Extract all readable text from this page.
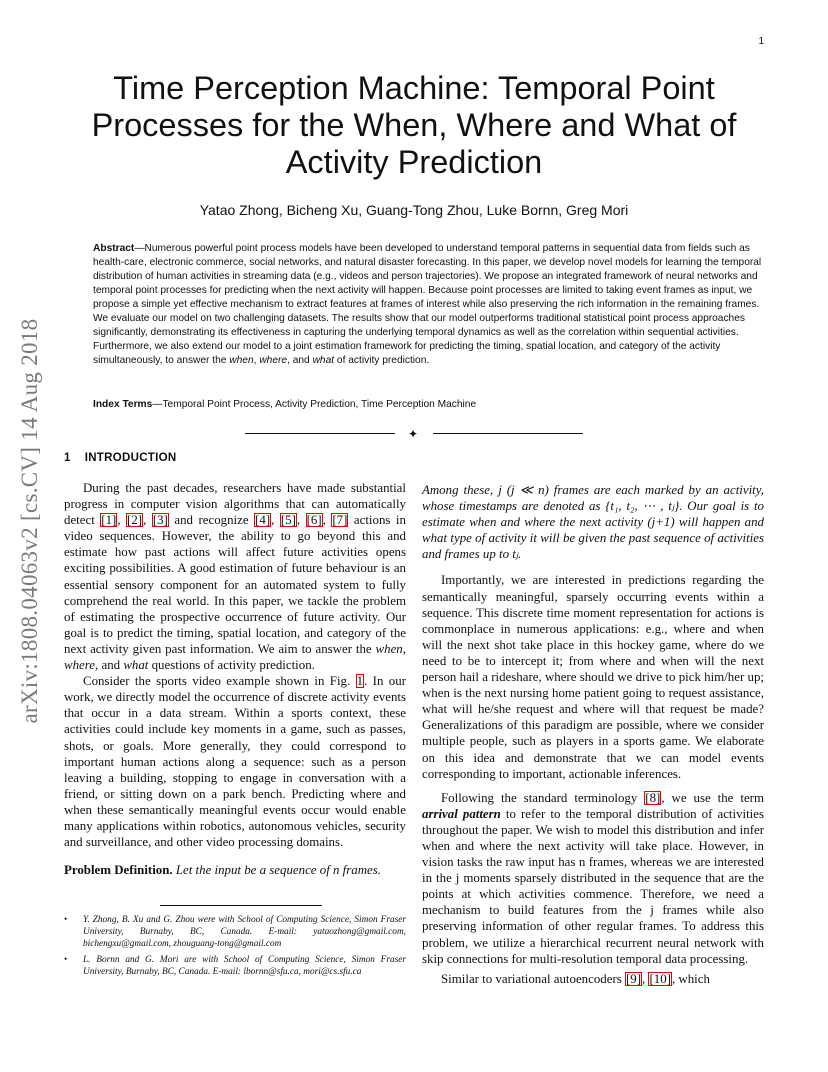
1
arXiv:1808.04063v2 [cs.CV] 14 Aug 2018
Time Perception Machine: Temporal Point Processes for the When, Where and What of Activity Prediction
Yatao Zhong, Bicheng Xu, Guang-Tong Zhou, Luke Bornn, Greg Mori
Abstract—Numerous powerful point process models have been developed to understand temporal patterns in sequential data from fields such as health-care, electronic commerce, social networks, and natural disaster forecasting. In this paper, we develop novel models for learning the temporal distribution of human activities in streaming data (e.g., videos and person trajectories). We propose an integrated framework of neural networks and temporal point processes for predicting when the next activity will happen. Because point processes are limited to taking event frames as input, we propose a simple yet effective mechanism to extract features at frames of interest while also preserving the rich information in the remaining frames. We evaluate our model on two challenging datasets. The results show that our model outperforms traditional statistical point process approaches significantly, demonstrating its effectiveness in capturing the underlying temporal dynamics as well as the correlation within sequential activities. Furthermore, we also extend our model to a joint estimation framework for predicting the timing, spatial location, and category of the activity simultaneously, to answer the when, where, and what of activity prediction.
Index Terms—Temporal Point Process, Activity Prediction, Time Perception Machine
✦
1 INTRODUCTION

During the past decades, researchers have made substantial progress in computer vision algorithms that can automatically detect [1], [2], [3] and recognize [4], [5], [6], [7] actions in video sequences. However, the ability to go beyond this and estimate how past actions will affect future activities opens exciting possibilities. A good estimation of future behaviour is an essential sensory component for an automated system to fully comprehend the real world. In this paper, we tackle the problem of estimating the prospective occurrence of future activity. Our goal is to predict the timing, spatial location, and category of the next activity given past information. We aim to answer the when, where, and what questions of activity prediction.

Consider the sports video example shown in Fig. 1. In our work, we directly model the occurrence of discrete activity events that occur in a data stream. Within a sports context, these activities could include key moments in a game, such as passes, shots, or goals. More generally, they could correspond to important human actions along a sequence: such as a person leaving a building, stopping to engage in conversation with a friend, or sitting down on a park bench. Predicting where and when these semantically meaningful events occur would enable many applications within robotics, autonomous vehicles, security and surveillance, and other video processing domains.

Problem Definition. Let the input be a sequence of n frames.

• Y. Zhong, B. Xu and G. Zhou were with School of Computing Science, Simon Fraser University, Burnaby, BC, Canada. E-mail: yataozhong@gmail.com, bichengxu@gmail.com, zhouguang-tong@gmail.com
• L. Bornn and G. Mori are with School of Computing Science, Simon Fraser University, Burnaby, BC, Canada. E-mail: lbornn@sfu.ca, mori@cs.sfu.ca

Among these, j (j ≪ n) frames are each marked by an activity, whose timestamps are denoted as {t₁, t₂, ⋯ , tⱼ}. Our goal is to estimate when and where the next activity (j+1) will happen and what type of activity it will be given the past sequence of activities and frames up to tⱼ.

Importantly, we are interested in predictions regarding the semantically meaningful, sparsely occurring events within a sequence. This discrete time moment representation for actions is commonplace in numerous applications: e.g., where and when will the next shot take place in this hockey game, where do we need to be to intercept it; from where and when will the next person hail a rideshare, where should we drive to pick him/her up; when is the next nursing home patient going to request assistance, what will he/she request and where will that request be made? Generalizations of this paradigm are possible, where we consider multiple people, such as players in a sports game. We elaborate on this idea and demonstrate that we can model events corresponding to important, actionable inferences.

Following the standard terminology [8], we use the term arrival pattern to refer to the temporal distribution of activities throughout the paper. We wish to model this distribution and infer when and where the next activity will take place. However, in vision tasks the raw input has n frames, whereas we are interested in the j moments sparsely distributed in the sequence that are the points at which activities commence. Therefore, we need a mechanism to build features from the j frames while also preserving information of other regular frames. To address this problem, we utilize a hierarchical recurrent neural network with skip connections for multi-resolution temporal data processing.

Similar to variational autoencoders [9], [10], which
